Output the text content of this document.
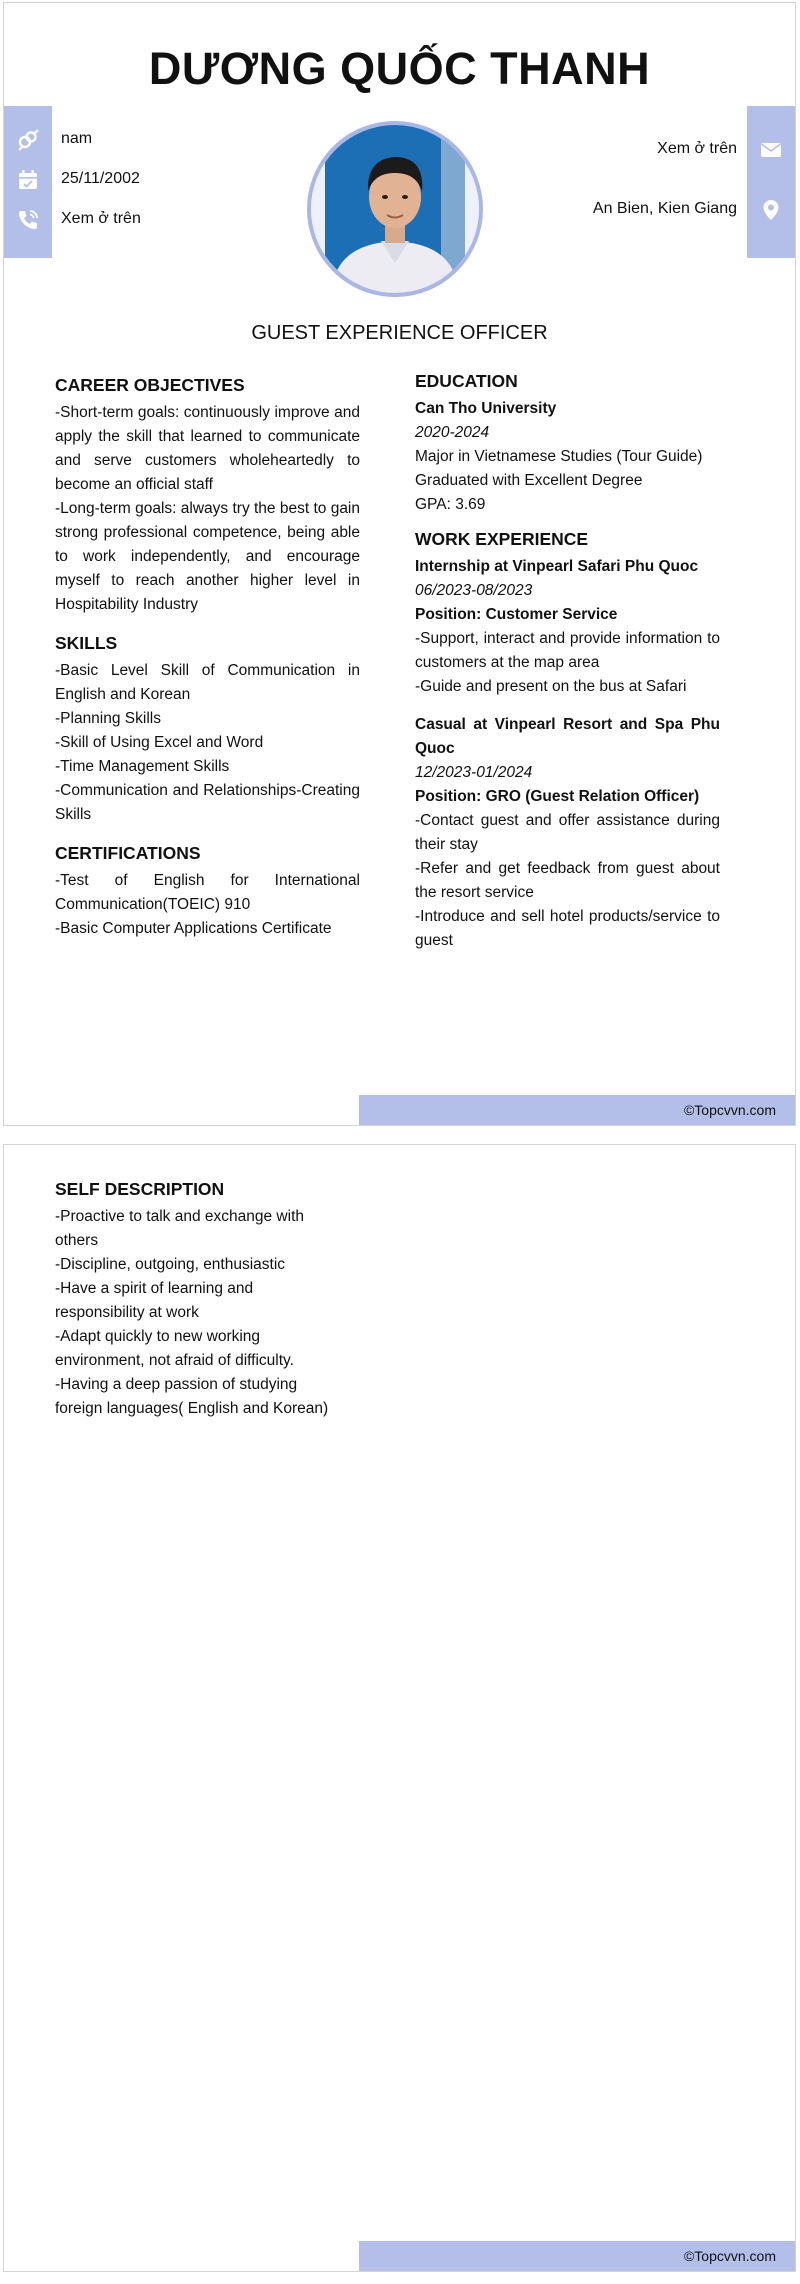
DƯƠNG QUỐC THANH
nam
25/11/2002
Xem ở trên
Xem ở trên
An Bien, Kien Giang
GUEST EXPERIENCE OFFICER
CAREER OBJECTIVES
-Short-term goals: continuously improve and apply the skill that learned to communicate and serve customers wholeheartedly to become an official staff
-Long-term goals: always try the best to gain strong professional competence, being able to work independently, and encourage myself to reach another higher level in Hospitability Industry
SKILLS
-Basic Level Skill of Communication in English and Korean
-Planning Skills
-Skill of Using Excel and Word
-Time Management Skills
-Communication and Relationships-Creating Skills
CERTIFICATIONS
-Test of English for International Communication(TOEIC) 910
-Basic Computer Applications Certificate
EDUCATION
Can Tho University
2020-2024
Major in Vietnamese Studies (Tour Guide)
Graduated with Excellent Degree
GPA: 3.69
WORK EXPERIENCE
Internship at Vinpearl Safari Phu Quoc
06/2023-08/2023
Position: Customer Service
-Support, interact and provide information to customers at the map area
-Guide and present on the bus at Safari
Casual at Vinpearl Resort and Spa Phu Quoc
12/2023-01/2024
Position: GRO (Guest Relation Officer)
-Contact guest and offer assistance during their stay
-Refer and get feedback from guest about the resort service
-Introduce and sell hotel products/service to guest
©Topcvvn.com
SELF DESCRIPTION
-Proactive to talk and exchange with others
-Discipline, outgoing, enthusiastic
-Have a spirit of learning and responsibility at work
-Adapt quickly to new working environment, not afraid of difficulty.
-Having a deep passion of studying foreign languages( English and Korean)
©Topcvvn.com
